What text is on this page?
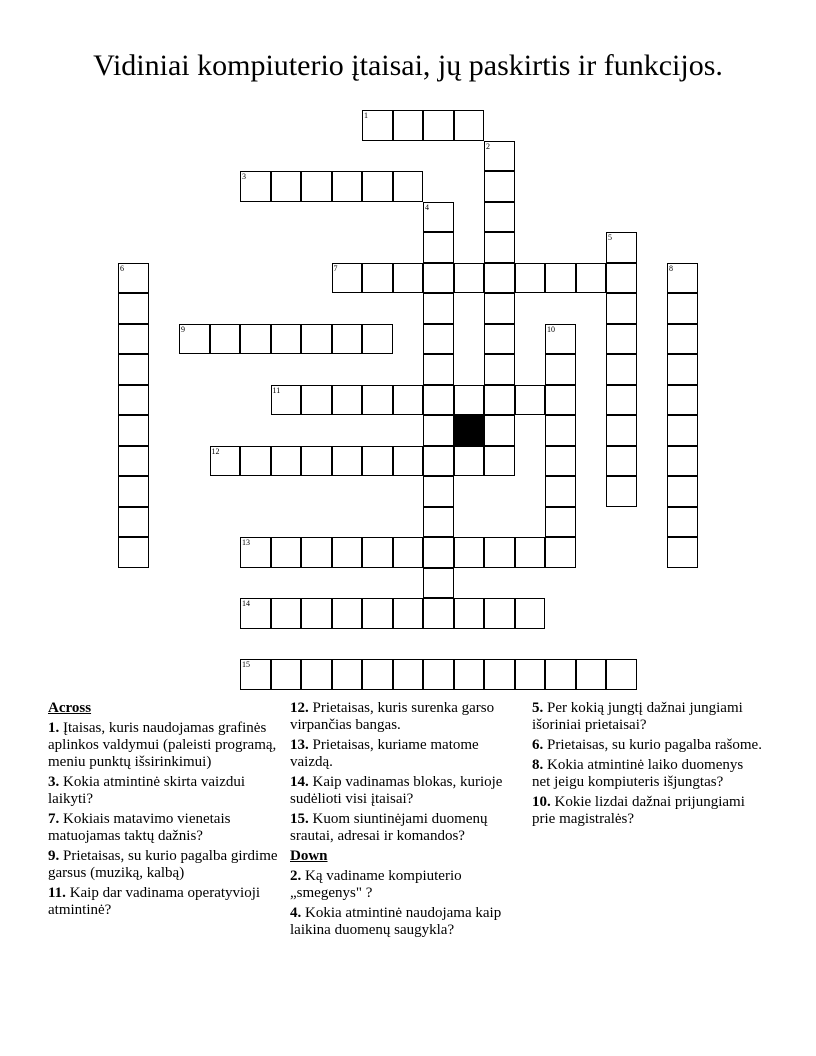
Vidiniai kompiuterio įtaisai, jų paskirtis ir funkcijos.
1
3
7
9
11
12
13
14
15
2
4
5
6	8
10
Across
1. Įtaisas, kuris naudojamas grafinės aplinkos valdymui (paleisti programą, meniu punktų išsirinkimui)
3. Kokia atmintinė skirta vaizdui laikyti?
7. Kokiais matavimo vienetais matuojamas taktų dažnis?
9. Prietaisas, su kurio pagalba girdime garsus (muziką, kalbą)
11. Kaip dar vadinama operatyvioji atmintinė?
12. Prietaisas, kuris surenka garso virpančias bangas.
13. Prietaisas, kuriame matome vaizdą.
14. Kaip vadinamas blokas, kurioje sudėlioti visi įtaisai?
15. Kuom siuntinėjami duomenų srautai, adresai ir komandos?
Down
2. Ką vadiname kompiuterio „smegenys" ?
4. Kokia atmintinė naudojama kaip laikina duomenų saugykla?
5. Per kokią jungtį dažnai jungiami išoriniai prietaisai?
6. Prietaisas, su kurio pagalba rašome.
8. Kokia atmintinė laiko duomenys net jeigu kompiuteris išjungtas?
10. Kokie lizdai dažnai prijungiami prie magistralės?
